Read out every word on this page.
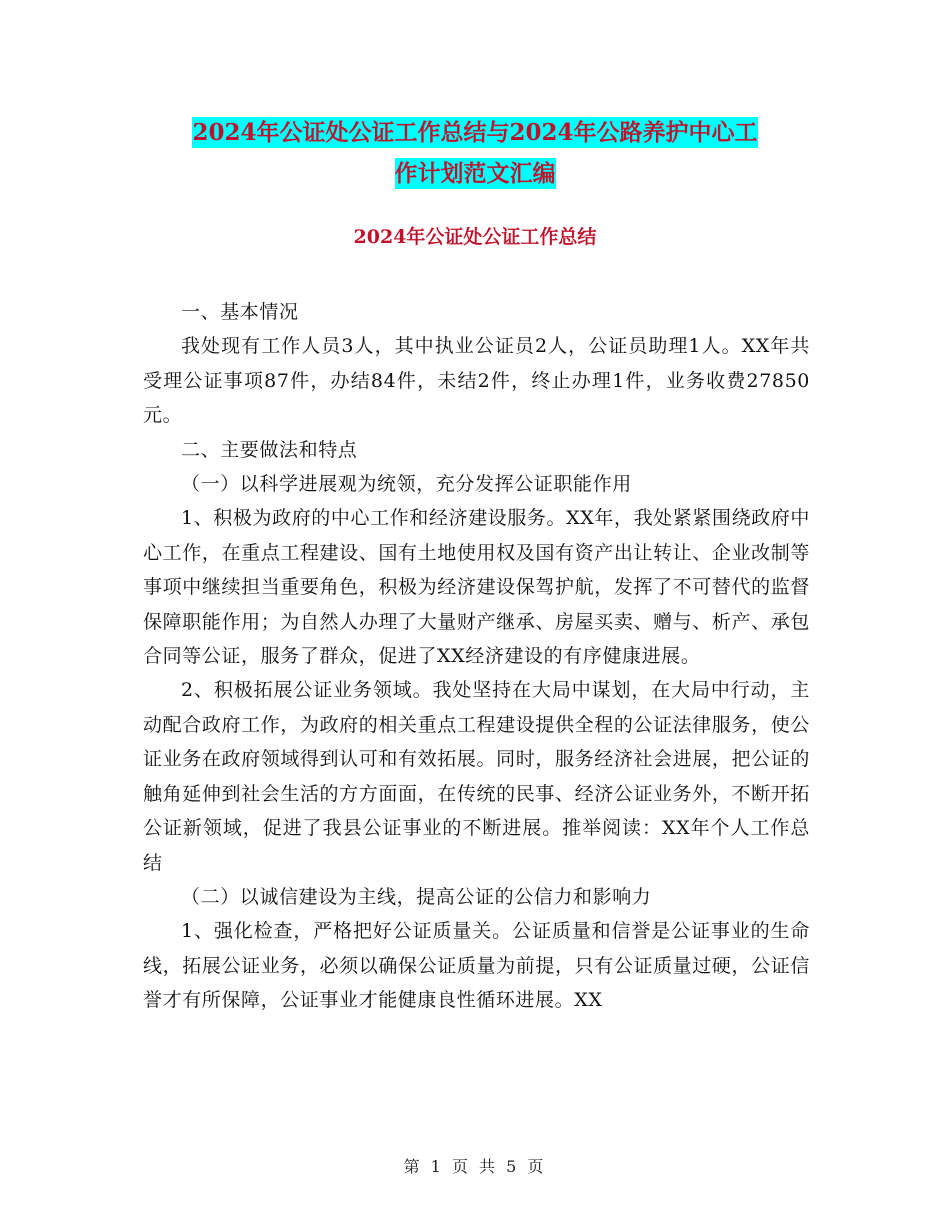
2024年公证处公证工作总结与2024年公路养护中心工
作计划范文汇编
2024年公证处公证工作总结

一、基本情况

我处现有工作人员3人，其中执业公证员2人，公证员助理1人。XX年共受理公证事项87件，办结84件，未结2件，终止办理1件，业务收费27850元。

二、主要做法和特点

（一）以科学进展观为统领，充分发挥公证职能作用

1、积极为政府的中心工作和经济建设服务。XX年，我处紧紧围绕政府中心工作，在重点工程建设、国有土地使用权及国有资产出让转让、企业改制等事项中继续担当重要角色，积极为经济建设保驾护航，发挥了不可替代的监督保障职能作用；为自然人办理了大量财产继承、房屋买卖、赠与、析产、承包合同等公证，服务了群众，促进了XX经济建设的有序健康进展。

2、积极拓展公证业务领域。我处坚持在大局中谋划，在大局中行动，主动配合政府工作，为政府的相关重点工程建设提供全程的公证法律服务，使公证业务在政府领域得到认可和有效拓展。同时，服务经济社会进展，把公证的触角延伸到社会生活的方方面面，在传统的民事、经济公证业务外，不断开拓公证新领域，促进了我县公证事业的不断进展。推举阅读：XX年个人工作总结

（二）以诚信建设为主线，提高公证的公信力和影响力

1、强化检查，严格把好公证质量关。公证质量和信誉是公证事业的生命线，拓展公证业务，必须以确保公证质量为前提，只有公证质量过硬，公证信誉才有所保障，公证事业才能健康良性循环进展。XX

第 1 页 共 5 页
